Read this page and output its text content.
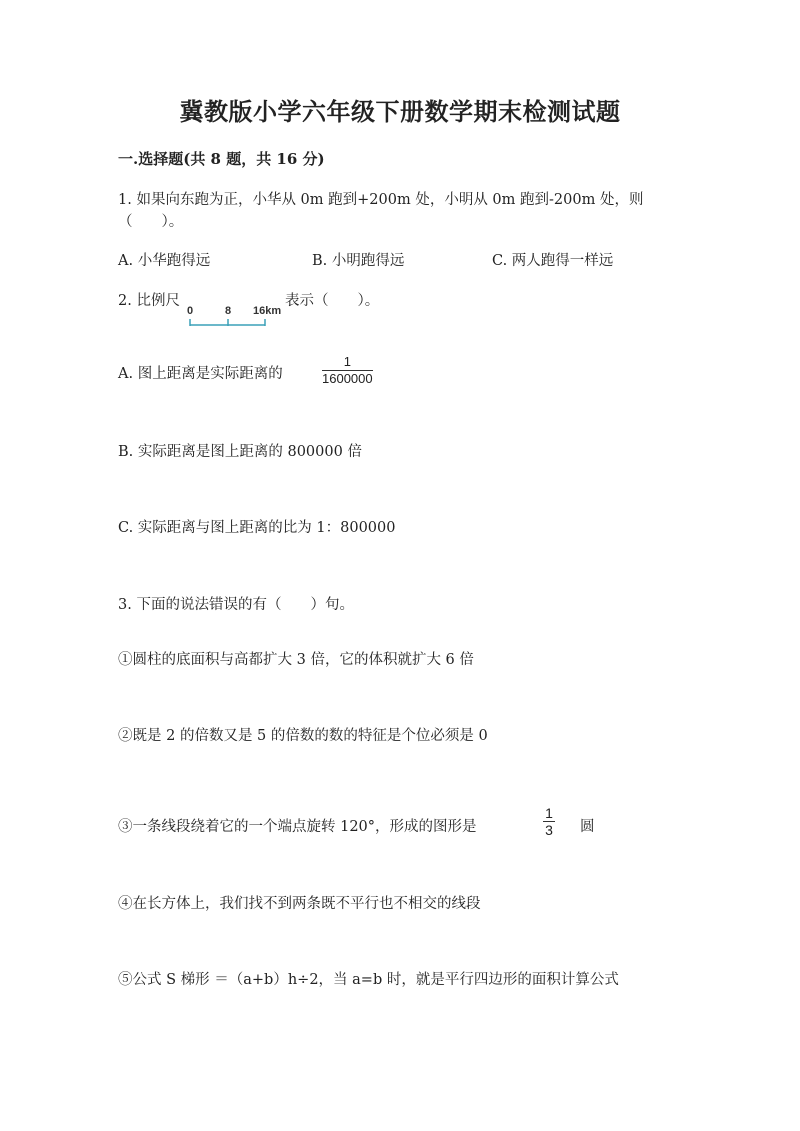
冀教版小学六年级下册数学期末检测试题
一.选择题(共 8 题，共 16 分)
1. 如果向东跑为正，小华从 0m 跑到+200m 处，小明从 0m 跑到-200m 处，则
（　　）。
A. 小华跑得远	B. 小明跑得远	C. 两人跑得一样远
2. 比例尺
0	8 16km
表示（　　）。
A. 图上距离是实际距离的	$\frac{1}{1600000}$
B. 实际距离是图上距离的 800000 倍
C. 实际距离与图上距离的比为 1：800000
3. 下面的说法错误的有（　　）句。
①圆柱的底面积与高都扩大 3 倍，它的体积就扩大 6 倍
②既是 2 的倍数又是 5 的倍数的数的特征是个位必须是 0
③一条线段绕着它的一个端点旋转 120°，形成的图形是	$\frac{1}{3}$ 圆
④在长方体上，我们找不到两条既不平行也不相交的线段
⑤公式 S 梯形 ＝（a+b）h÷2，当 a=b 时，就是平行四边形的面积计算公式
